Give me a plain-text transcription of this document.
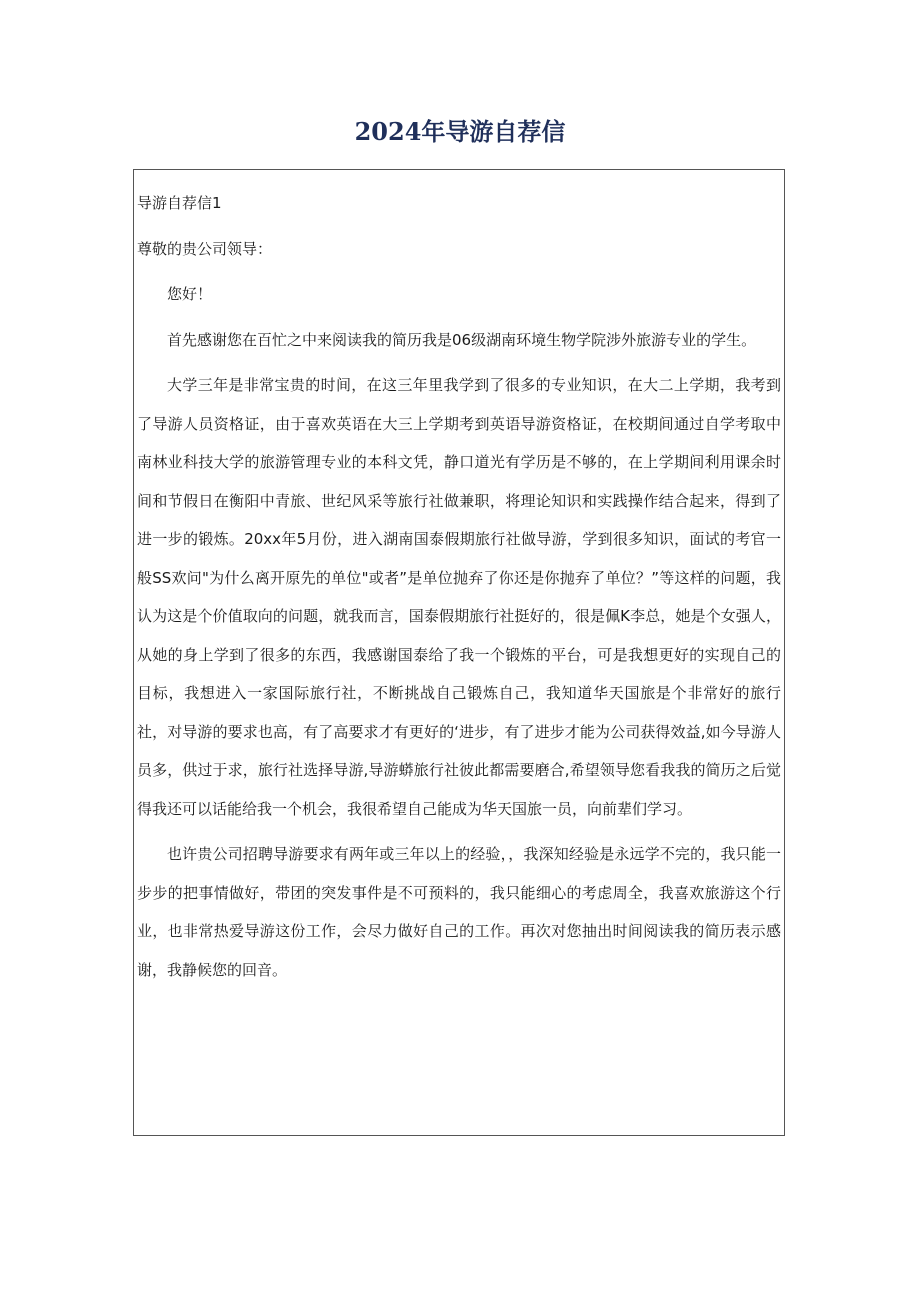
2024年导游自荐信

导游自荐信1

尊敬的贵公司领导：

您好！

首先感谢您在百忙之中来阅读我的简历我是06级湖南环境生物学院涉外旅游专业的学生。

大学三年是非常宝贵的时间，在这三年里我学到了很多的专业知识，在大二上学期，我考到了导游人员资格证，由于喜欢英语在大三上学期考到英语导游资格证，在校期间通过自学考取中南林业科技大学的旅游管理专业的本科文凭，静口道光有学历是不够的，在上学期间利用课余时间和节假日在衡阳中青旅、世纪风采等旅行社做兼职，将理论知识和实践操作结合起来，得到了进一步的锻炼。20xx年5月份，进入湖南国泰假期旅行社做导游，学到很多知识，面试的考官一般SS欢问"为什么离开原先的单位"或者”是单位抛弃了你还是你抛弃了单位？”等这样的问题，我认为这是个价值取向的问题，就我而言，国泰假期旅行社挺好的，很是佩K李总，她是个女强人，从她的身上学到了很多的东西，我感谢国泰给了我一个锻炼的平台，可是我想更好的实现自己的目标，我想进入一家国际旅行社，不断挑战自己锻炼自己，我知道华天国旅是个非常好的旅行社，对导游的要求也高，有了高要求才有更好的‘进步，有了进步才能为公司获得效益,如今导游人员多，供过于求，旅行社选择导游,导游蟒旅行社彼此都需要磨合,希望领导您看我我的简历之后觉得我还可以话能给我一个机会，我很希望自己能成为华天国旅一员，向前辈们学习。

也许贵公司招聘导游要求有两年或三年以上的经验，，我深知经验是永远学不完的，我只能一步步的把事情做好，带团的突发事件是不可预料的，我只能细心的考虑周全，我喜欢旅游这个行业，也非常热爱导游这份工作，会尽力做好自己的工作。再次对您抽出时间阅读我的简历表示感谢，我静候您的回音。
